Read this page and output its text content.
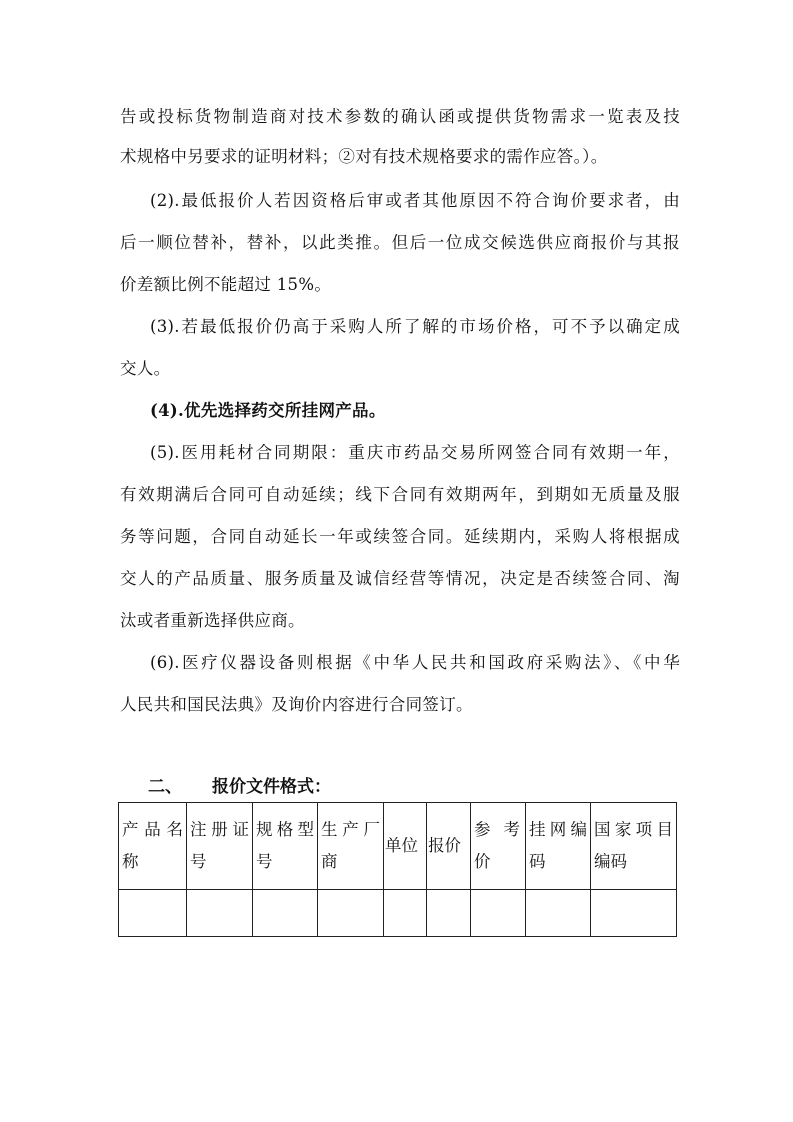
告或投标货物制造商对技术参数的确认函或提供货物需求一览表及技
术规格中另要求的证明材料；②对有技术规格要求的需作应答。）。
(2).最低报价人若因资格后审或者其他原因不符合询价要求者，由
后一顺位替补，替补，以此类推。但后一位成交候选供应商报价与其报
价差额比例不能超过 15%。
(3).若最低报价仍高于采购人所了解的市场价格，可不予以确定成
交人。
(4).优先选择药交所挂网产品。
(5).医用耗材合同期限：重庆市药品交易所网签合同有效期一年，
有效期满后合同可自动延续；线下合同有效期两年，到期如无质量及服
务等问题，合同自动延长一年或续签合同。延续期内，采购人将根据成
交人的产品质量、服务质量及诚信经营等情况，决定是否续签合同、淘
汰或者重新选择供应商。
(6).医疗仪器设备则根据《中华人民共和国政府采购法》、《中华
人民共和国民法典》及询价内容进行合同签订。
二、 报价文件格式：
产品名称	注册证号	规格型号	生产厂商	单位	报价	参考价	挂网编码	国家项目编码
